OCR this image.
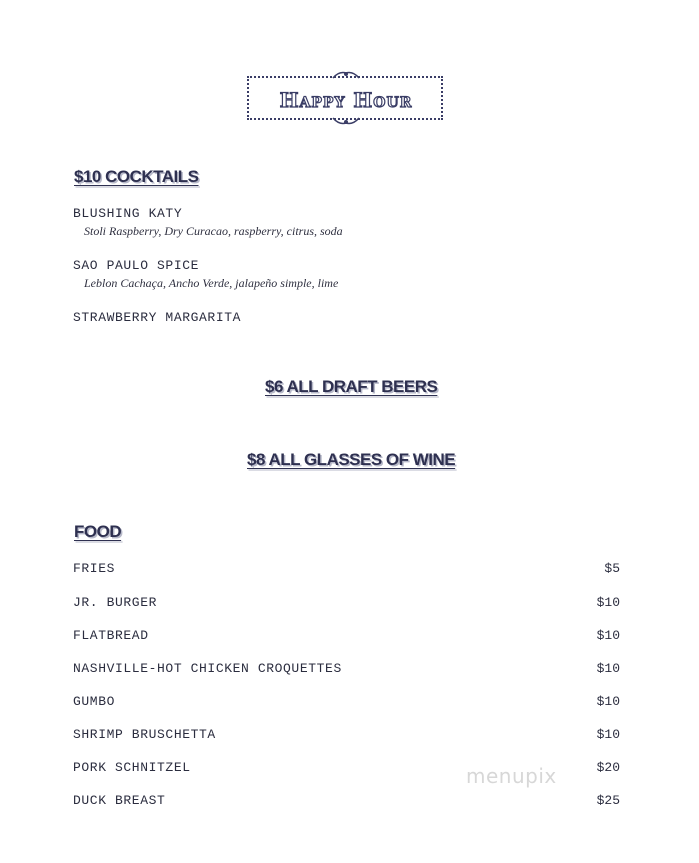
Happy Hour
$10 COCKTAILS
BLUSHING KATY
Stoli Raspberry, Dry Curacao, raspberry, citrus, soda
SAO PAULO SPICE
Leblon Cachaça, Ancho Verde, jalapeño simple, lime
STRAWBERRY MARGARITA
$6 ALL DRAFT BEERS
$8 ALL GLASSES OF WINE
FOOD
FRIES	$5
JR. BURGER	$10
FLATBREAD	$10
NASHVILLE-HOT CHICKEN CROQUETTES	$10
GUMBO	$10
SHRIMP BRUSCHETTA	$10
PORK SCHNITZEL	$20
DUCK BREAST	$25
menupix
